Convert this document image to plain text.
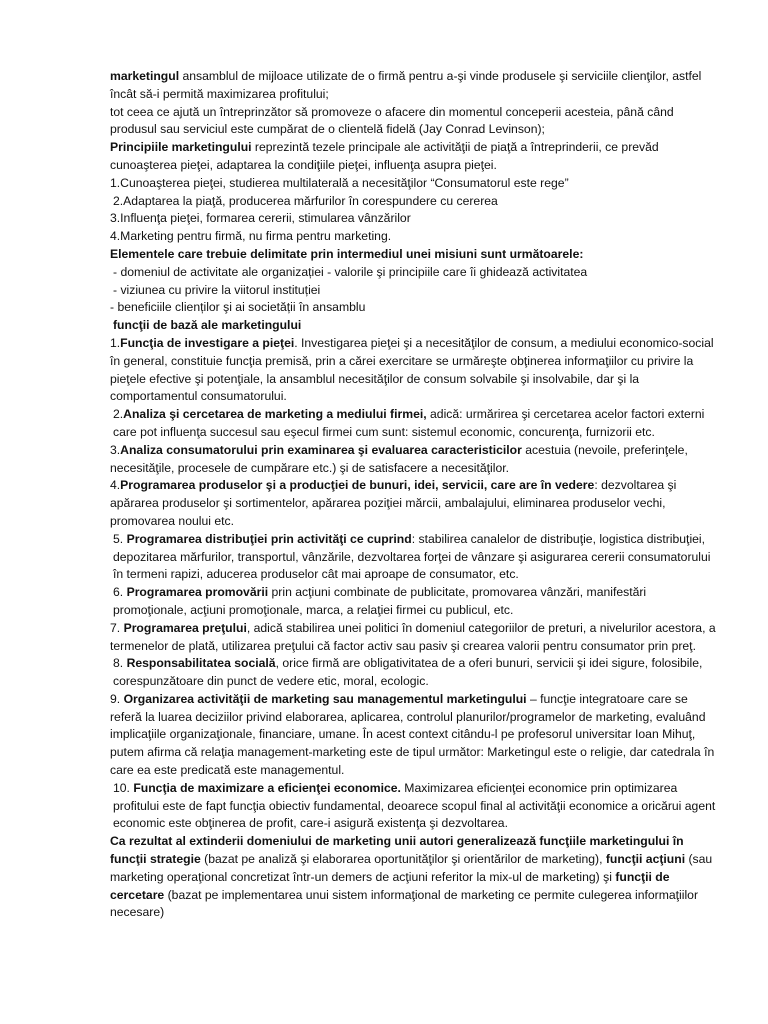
marketingul ansamblul de mijloace utilizate de o firmă pentru a-şi vinde produsele şi serviciile clienţilor, astfel încât să-i permită maximizarea profitului;

tot ceea ce ajută un întreprinzător să promoveze o afacere din momentul conceperii acesteia, până când produsul sau serviciul este cumpărat de o clientelă fidelă (Jay Conrad Levinson);

Principiile marketingului reprezintă tezele principale ale activităţii de piaţă a întreprinderii, ce prevăd cunoaşterea pieţei, adaptarea la condiţiile pieţei, influenţa asupra pieţei.

1.Cunoaşterea pieţei, studierea multilaterală a necesităţilor “Consumatorul este rege”

2.Adaptarea la piaţă, producerea mărfurilor în corespundere cu cererea

3.Influenţa pieţei, formarea cererii, stimularea vânzărilor

4.Marketing pentru firmă, nu firma pentru marketing.

Elementele care trebuie delimitate prin intermediul unei misiuni sunt următoarele:

- domeniul de activitate ale organizației - valorile şi principiile care îi ghidează activitatea

- viziunea cu privire la viitorul instituției

- beneficiile clienților şi ai societății în ansamblu

funcţii de bază ale marketingului

1.Funcţia de investigare a pieţei. Investigarea pieţei şi a necesităţilor de consum, a mediului economico-social în general, constituie funcţia premisă, prin a cărei exercitare se urmăreşte obţinerea informaţiilor cu privire la pieţele efective şi potenţiale, la ansamblul necesităţilor de consum solvabile şi insolvabile, dar şi la comportamentul consumatorului.

2.Analiza şi cercetarea de marketing a mediului firmei, adică: urmărirea şi cercetarea acelor factori externi care pot influenţa succesul sau eşecul firmei cum sunt: sistemul economic, concurenţa, furnizorii etc.

3.Analiza consumatorului prin examinarea şi evaluarea caracteristicilor acestuia (nevoile, preferinţele, necesităţile, procesele de cumpărare etc.) şi de satisfacere a necesităţilor.

4.Programarea produselor şi a producţiei de bunuri, idei, servicii, care are în vedere: dezvoltarea şi apărarea produselor şi sortimentelor, apărarea poziţiei mărcii, ambalajului, eliminarea produselor vechi, promovarea noului etc.

5. Programarea distribuţiei prin activităţi ce cuprind: stabilirea canalelor de distribuţie, logistica distribuţiei, depozitarea mărfurilor, transportul, vânzările, dezvoltarea forţei de vânzare şi asigurarea cererii consumatorului în termeni rapizi, aducerea produselor cât mai aproape de consumator, etc.

6. Programarea promovării prin acţiuni combinate de publicitate, promovarea vânzări, manifestări promoţionale, acţiuni promoţionale, marca, a relaţiei firmei cu publicul, etc.

7. Programarea preţului, adică stabilirea unei politici în domeniul categoriilor de preturi, a nivelurilor acestora, a termenelor de plată, utilizarea preţului că factor activ sau pasiv şi crearea valorii pentru consumator prin preţ.

8. Responsabilitatea socială, orice firmă are obligativitatea de a oferi bunuri, servicii şi idei sigure, folosibile, corespunzătoare din punct de vedere etic, moral, ecologic.

9. Organizarea activităţii de marketing sau managementul marketingului – funcţie integratoare care se referă la luarea deciziilor privind elaborarea, aplicarea, controlul planurilor/programelor de marketing, evaluând implicaţiile organizaţionale, financiare, umane. În acest context citându-l pe profesorul universitar Ioan Mihuţ, putem afirma că relaţia management-marketing este de tipul următor: Marketingul este o religie, dar catedrala în care ea este predicată este managementul.

10. Funcţia de maximizare a eficienţei economice. Maximizarea eficienţei economice prin optimizarea profitului este de fapt funcţia obiectiv fundamental, deoarece scopul final al activităţii economice a oricărui agent economic este obţinerea de profit, care-i asigură existenţa şi dezvoltarea.

Ca rezultat al extinderii domeniului de marketing unii autori generalizează funcţiile marketingului în funcţii strategie (bazat pe analiză şi elaborarea oportunităţilor şi orientărilor de marketing), funcţii acţiuni (sau marketing operaţional concretizat într-un demers de acţiuni referitor la mix-ul de marketing) şi funcţii de cercetare (bazat pe implementarea unui sistem informaţional de marketing ce permite culegerea informaţiilor necesare)
